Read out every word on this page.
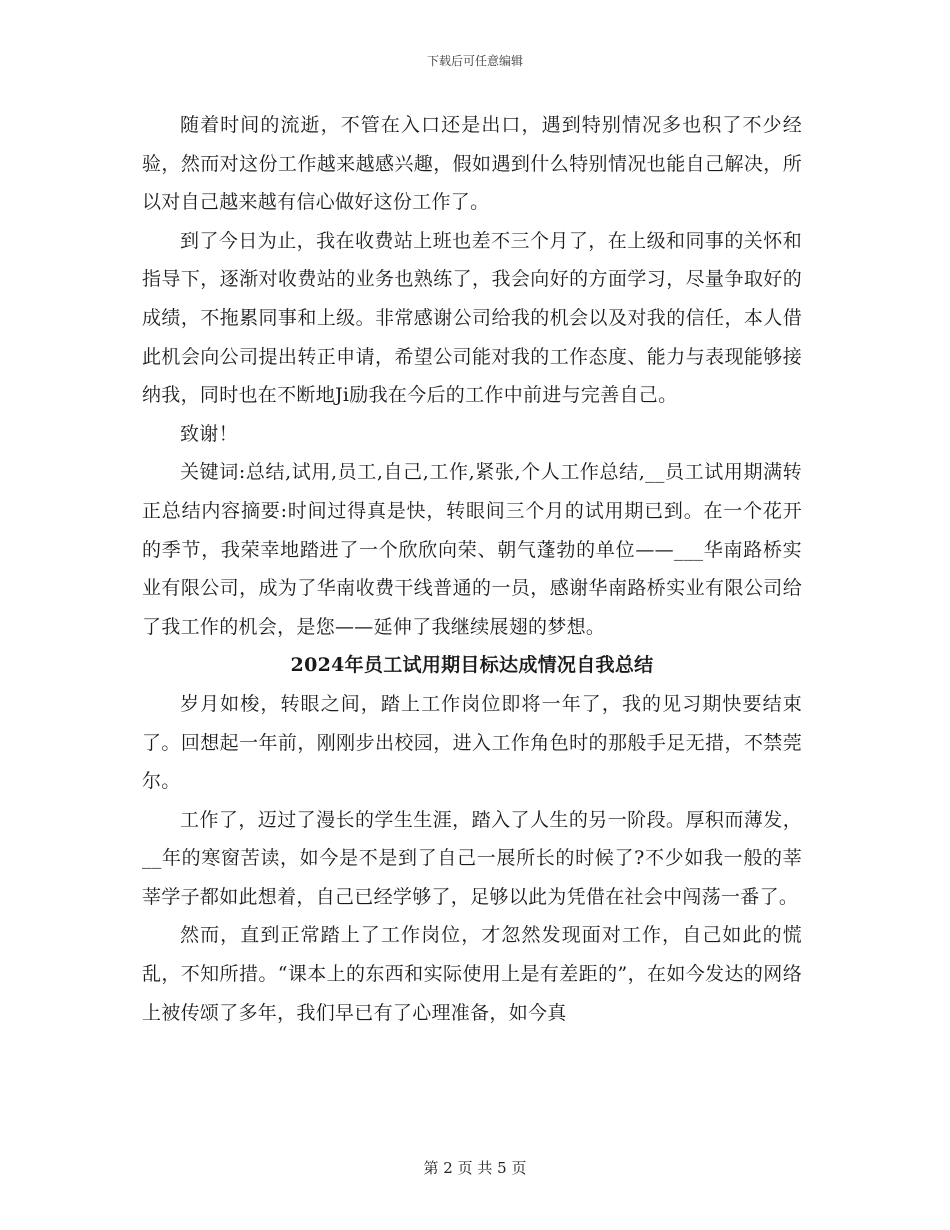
下载后可任意编辑

随着时间的流逝，不管在入口还是出口，遇到特别情况多也积了不少经验，然而对这份工作越来越感兴趣，假如遇到什么特别情况也能自己解决，所以对自己越来越有信心做好这份工作了。

到了今日为止，我在收费站上班也差不三个月了，在上级和同事的关怀和指导下，逐渐对收费站的业务也熟练了，我会向好的方面学习，尽量争取好的成绩，不拖累同事和上级。非常感谢公司给我的机会以及对我的信任，本人借此机会向公司提出转正申请，希望公司能对我的工作态度、能力与表现能够接纳我，同时也在不断地Ji励我在今后的工作中前进与完善自己。

致谢！

关键词:总结,试用,员工,自己,工作,紧张,个人工作总结,__员工试用期满转正总结内容摘要:时间过得真是快，转眼间三个月的试用期已到。在一个花开的季节，我荣幸地踏进了一个欣欣向荣、朝气蓬勃的单位——___华南路桥实业有限公司，成为了华南收费干线普通的一员，感谢华南路桥实业有限公司给了我工作的机会，是您——延伸了我继续展翅的梦想。

2024年员工试用期目标达成情况自我总结

岁月如梭，转眼之间，踏上工作岗位即将一年了，我的见习期快要结束了。回想起一年前，刚刚步出校园，进入工作角色时的那般手足无措，不禁莞尔。

工作了，迈过了漫长的学生生涯，踏入了人生的另一阶段。厚积而薄发，__年的寒窗苦读，如今是不是到了自己一展所长的时候了?不少如我一般的莘莘学子都如此想着，自己已经学够了，足够以此为凭借在社会中闯荡一番了。

然而，直到正常踏上了工作岗位，才忽然发现面对工作，自己如此的慌乱，不知所措。“课本上的东西和实际使用上是有差距的”，在如今发达的网络上被传颂了多年，我们早已有了心理准备，如今真

第 2 页 共 5 页
